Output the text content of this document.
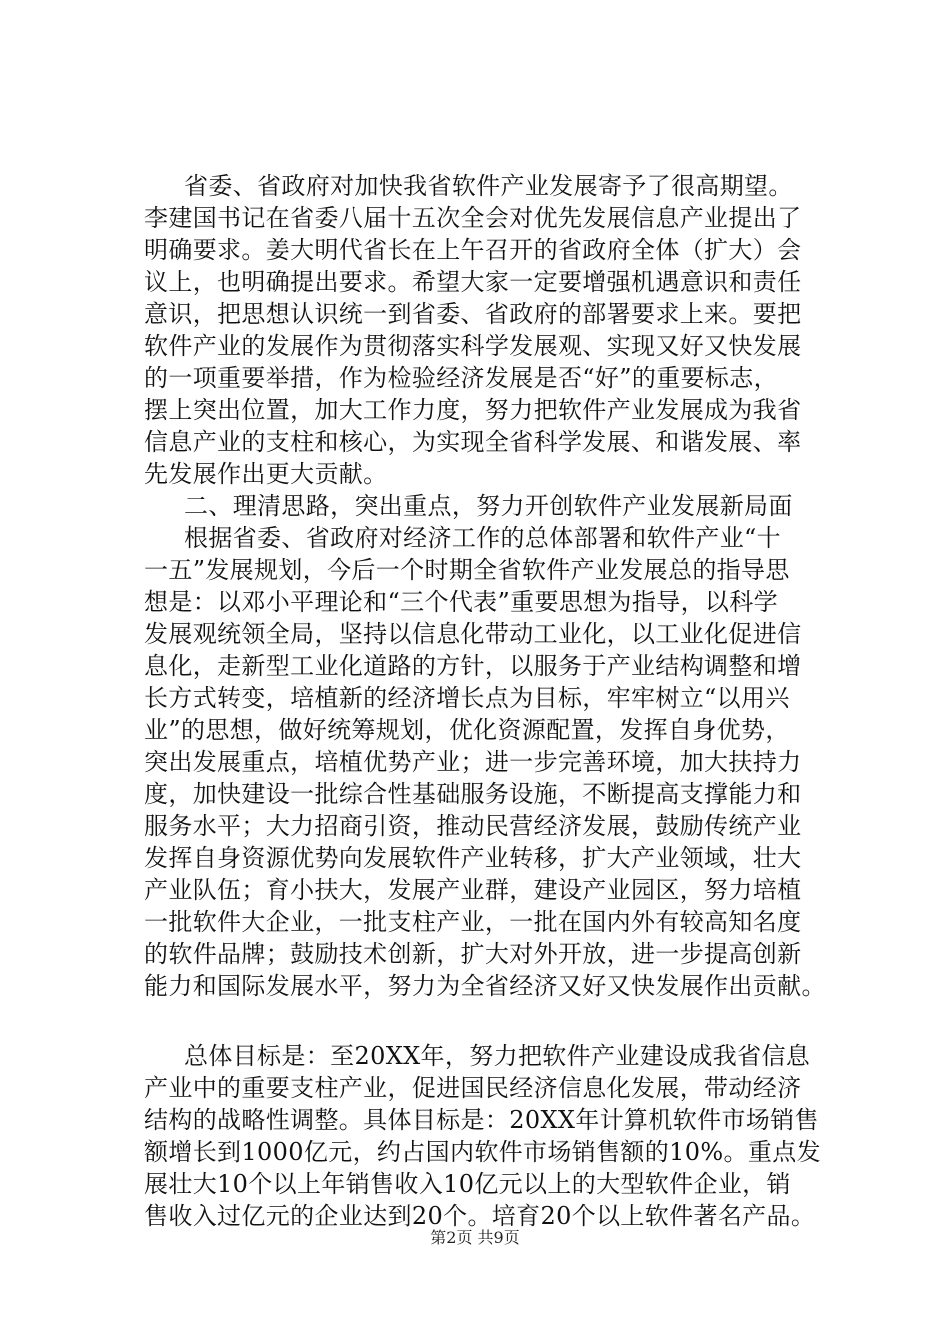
省委、省政府对加快我省软件产业发展寄予了很高期望。
李建国书记在省委八届十五次全会对优先发展信息产业提出了
明确要求。姜大明代省长在上午召开的省政府全体（扩大）会
议上，也明确提出要求。希望大家一定要增强机遇意识和责任
意识，把思想认识统一到省委、省政府的部署要求上来。要把
软件产业的发展作为贯彻落实科学发展观、实现又好又快发展
的一项重要举措，作为检验经济发展是否“好”的重要标志，
摆上突出位置，加大工作力度，努力把软件产业发展成为我省
信息产业的支柱和核心，为实现全省科学发展、和谐发展、率
先发展作出更大贡献。
二、理清思路，突出重点，努力开创软件产业发展新局面
根据省委、省政府对经济工作的总体部署和软件产业“十
一五”发展规划，今后一个时期全省软件产业发展总的指导思
想是：以邓小平理论和“三个代表”重要思想为指导，以科学
发展观统领全局，坚持以信息化带动工业化，以工业化促进信
息化，走新型工业化道路的方针，以服务于产业结构调整和增
长方式转变，培植新的经济增长点为目标，牢牢树立“以用兴
业”的思想，做好统筹规划，优化资源配置，发挥自身优势，
突出发展重点，培植优势产业；进一步完善环境，加大扶持力
度，加快建设一批综合性基础服务设施，不断提高支撑能力和
服务水平；大力招商引资，推动民营经济发展，鼓励传统产业
发挥自身资源优势向发展软件产业转移，扩大产业领域，壮大
产业队伍；育小扶大，发展产业群，建设产业园区，努力培植
一批软件大企业，一批支柱产业，一批在国内外有较高知名度
的软件品牌；鼓励技术创新，扩大对外开放，进一步提高创新
能力和国际发展水平，努力为全省经济又好又快发展作出贡献。
总体目标是：至20XX年，努力把软件产业建设成我省信息
产业中的重要支柱产业，促进国民经济信息化发展，带动经济
结构的战略性调整。具体目标是：20XX年计算机软件市场销售
额增长到1000亿元，约占国内软件市场销售额的10%。重点发
展壮大10个以上年销售收入10亿元以上的大型软件企业，销
售收入过亿元的企业达到20个。培育20个以上软件著名产品。
第2页 共9页
